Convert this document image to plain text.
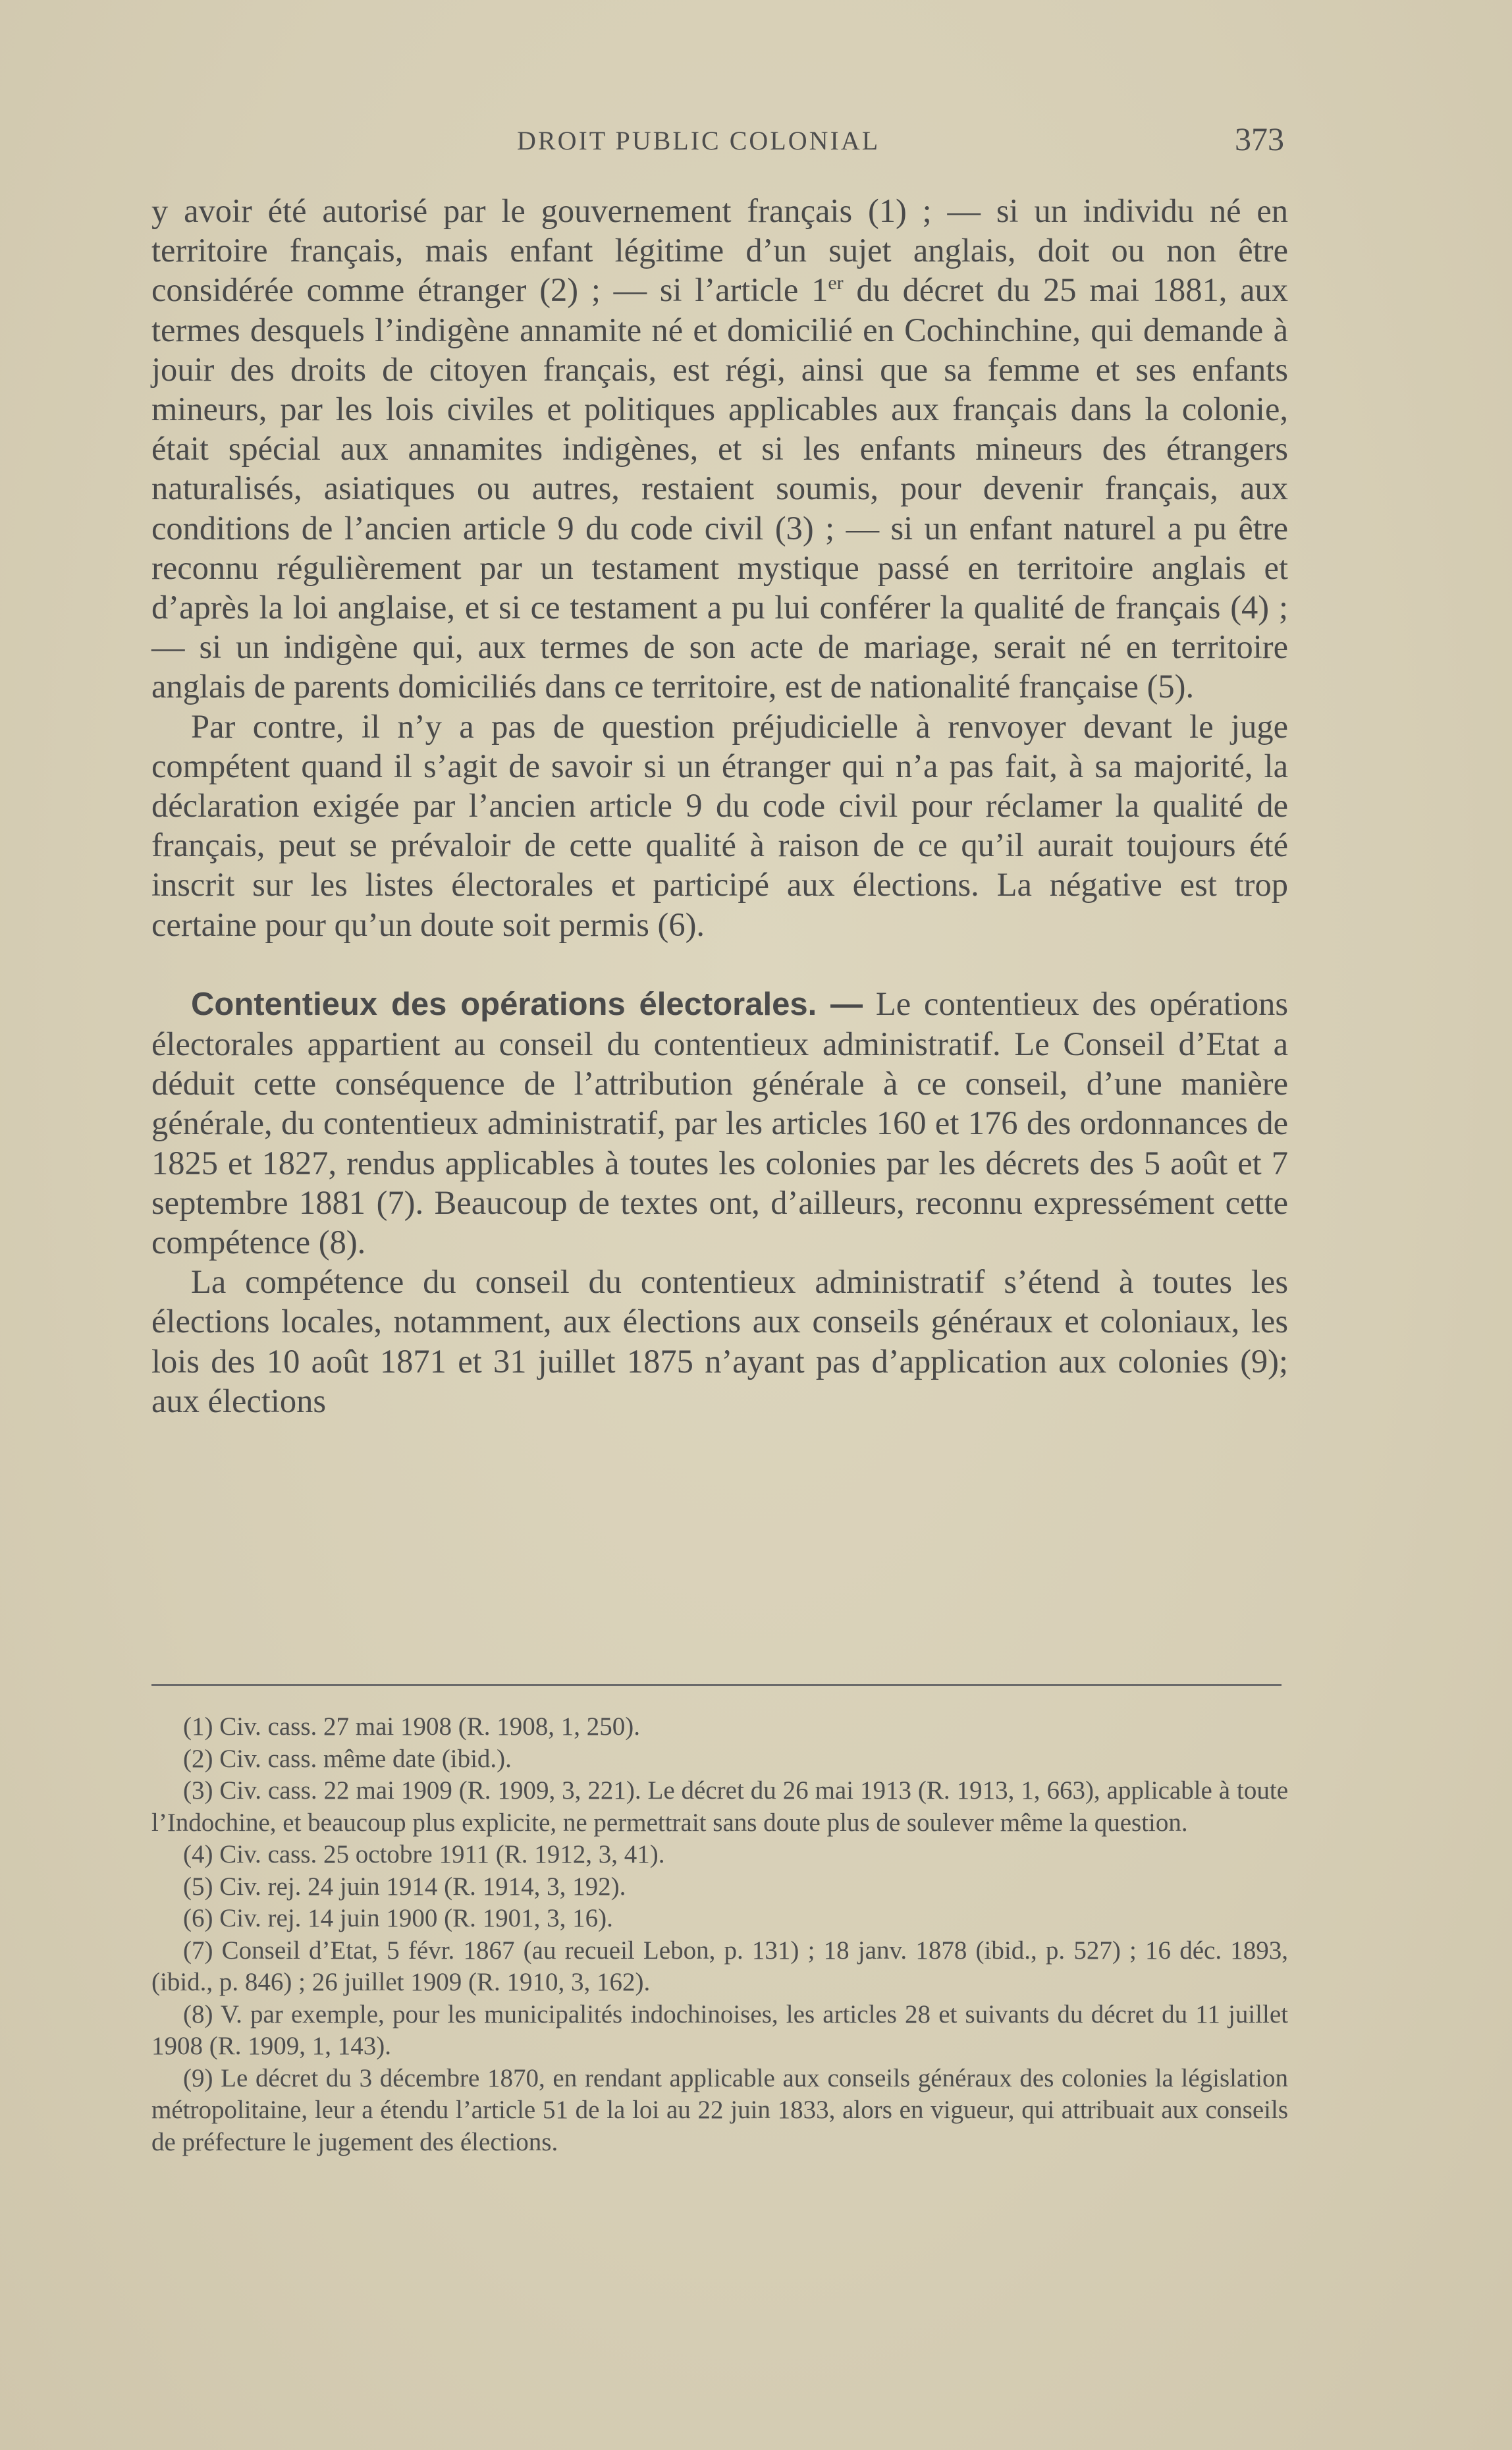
DROIT PUBLIC COLONIAL	373

y avoir été autorisé par le gouvernement français (1) ; — si un individu né en territoire français, mais enfant légitime d’un sujet anglais, doit ou non être considérée comme étranger (2) ; — si l’article 1er du décret du 25 mai 1881, aux termes desquels l’indigène annamite né et domicilié en Cochinchine, qui demande à jouir des droits de citoyen français, est régi, ainsi que sa femme et ses enfants mineurs, par les lois civiles et politiques applicables aux français dans la colonie, était spécial aux annamites indigènes, et si les enfants mineurs des étrangers naturalisés, asiatiques ou autres, restaient soumis, pour devenir français, aux conditions de l’ancien article 9 du code civil (3) ; — si un enfant naturel a pu être reconnu régulièrement par un testament mystique passé en territoire anglais et d’après la loi anglaise, et si ce testament a pu lui conférer la qualité de français (4) ; — si un indigène qui, aux termes de son acte de mariage, serait né en territoire anglais de parents domiciliés dans ce territoire, est de nationalité française (5).

Par contre, il n’y a pas de question préjudicielle à renvoyer devant le juge compétent quand il s’agit de savoir si un étranger qui n’a pas fait, à sa majorité, la déclaration exigée par l’ancien article 9 du code civil pour réclamer la qualité de français, peut se prévaloir de cette qualité à raison de ce qu’il aurait toujours été inscrit sur les listes électorales et participé aux élections. La négative est trop certaine pour qu’un doute soit permis (6).

Contentieux des opérations électorales. — Le contentieux des opérations électorales appartient au conseil du contentieux administratif. Le Conseil d’Etat a déduit cette conséquence de l’attribution générale à ce conseil, d’une manière générale, du contentieux administratif, par les articles 160 et 176 des ordonnances de 1825 et 1827, rendus applicables à toutes les colonies par les décrets des 5 août et 7 septembre 1881 (7). Beaucoup de textes ont, d’ailleurs, reconnu expressément cette compétence (8).

La compétence du conseil du contentieux administratif s’étend à toutes les élections locales, notamment, aux élections aux conseils généraux et coloniaux, les lois des 10 août 1871 et 31 juillet 1875 n’ayant pas d’application aux colonies (9); aux élections

(1) Civ. cass. 27 mai 1908 (R. 1908, 1, 250).

(2) Civ. cass. même date (ibid.).

(3) Civ. cass. 22 mai 1909 (R. 1909, 3, 221). Le décret du 26 mai 1913 (R. 1913, 1, 663), applicable à toute l’Indochine, et beaucoup plus explicite, ne permettrait sans doute plus de soulever même la question.

(4) Civ. cass. 25 octobre 1911 (R. 1912, 3, 41).

(5) Civ. rej. 24 juin 1914 (R. 1914, 3, 192).

(6) Civ. rej. 14 juin 1900 (R. 1901, 3, 16).

(7) Conseil d’Etat, 5 févr. 1867 (au recueil Lebon, p. 131) ; 18 janv. 1878 (ibid., p. 527) ; 16 déc. 1893, (ibid., p. 846) ; 26 juillet 1909 (R. 1910, 3, 162).

(8) V. par exemple, pour les municipalités indochinoises, les articles 28 et suivants du décret du 11 juillet 1908 (R. 1909, 1, 143).

(9) Le décret du 3 décembre 1870, en rendant applicable aux conseils généraux des colonies la législation métropolitaine, leur a étendu l’article 51 de la loi au 22 juin 1833, alors en vigueur, qui attribuait aux conseils de préfecture le jugement des élections.
